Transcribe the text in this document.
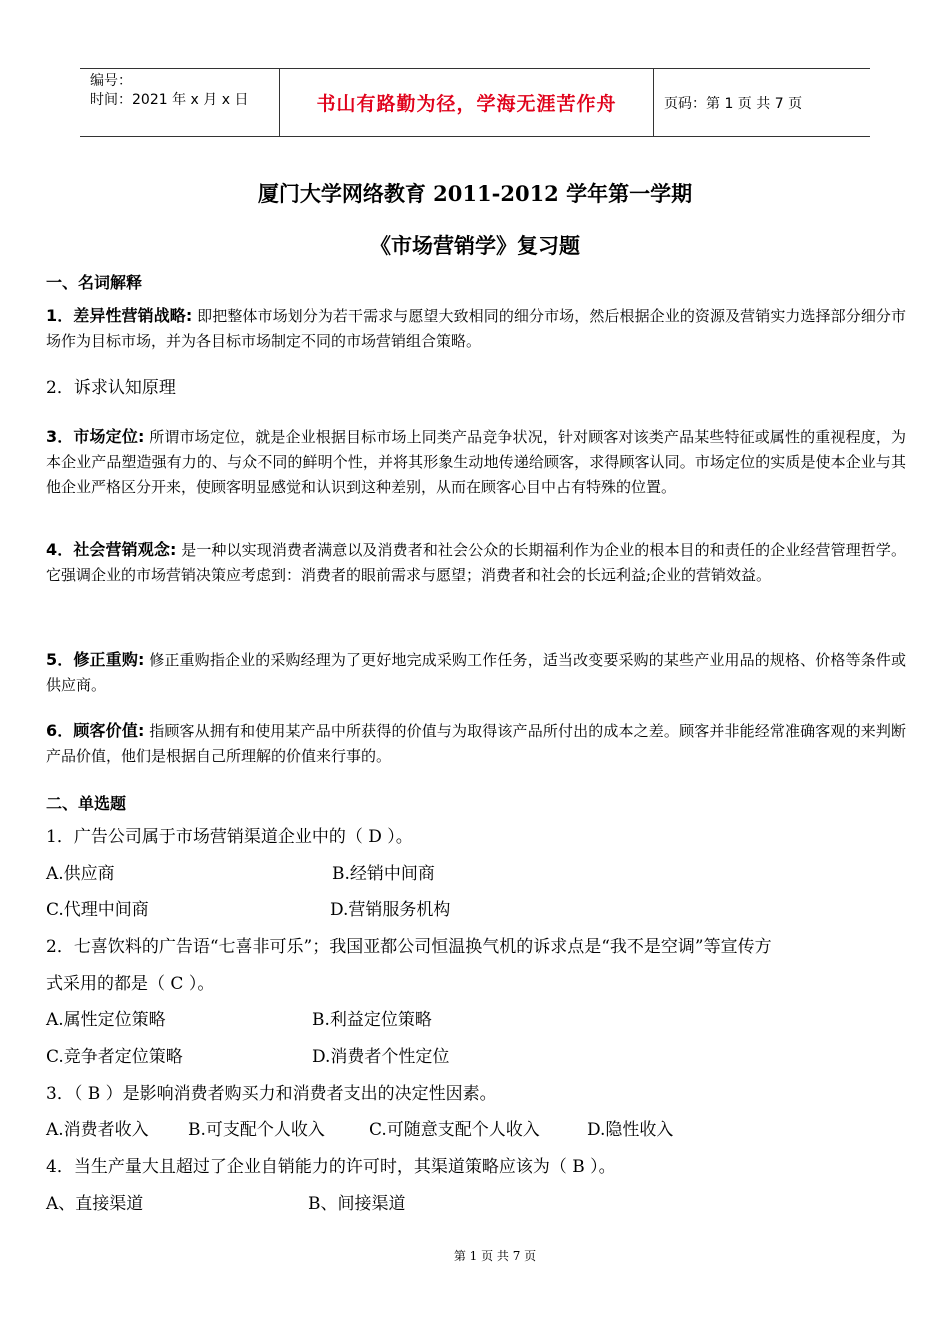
编号：
时间：2021 年 x 月 x 日	书山有路勤为径，学海无涯苦作舟	页码：第 1 页 共 7 页
厦门大学网络教育 2011-2012 学年第一学期
《市场营销学》复习题
一、名词解释
1．差异性营销战略: 即把整体市场划分为若干需求与愿望大致相同的细分市场，然后根据企业的资源及营销实力选择部分细分市场作为目标市场，并为各目标市场制定不同的市场营销组合策略。
2．诉求认知原理
3．市场定位: 所谓市场定位，就是企业根据目标市场上同类产品竞争状况，针对顾客对该类产品某些特征或属性的重视程度，为本企业产品塑造强有力的、与众不同的鲜明个性，并将其形象生动地传递给顾客，求得顾客认同。市场定位的实质是使本企业与其他企业严格区分开来，使顾客明显感觉和认识到这种差别，从而在顾客心目中占有特殊的位置。
4．社会营销观念: 是一种以实现消费者满意以及消费者和社会公众的长期福利作为企业的根本目的和责任的企业经营管理哲学。它强调企业的市场营销决策应考虑到：消费者的眼前需求与愿望；消费者和社会的长远利益;企业的营销效益。
5．修正重购: 修正重购指企业的采购经理为了更好地完成采购工作任务，适当改变要采购的某些产业用品的规格、价格等条件或供应商。
6．顾客价值: 指顾客从拥有和使用某产品中所获得的价值与为取得该产品所付出的成本之差。顾客并非能经常准确客观的来判断产品价值，他们是根据自己所理解的价值来行事的。
二、单选题
1．广告公司属于市场营销渠道企业中的（ D ）。
A.供应商	B.经销中间商
C.代理中间商	D.营销服务机构
2．七喜饮料的广告语“七喜非可乐”；我国亚都公司恒温换气机的诉求点是“我不是空调”等宣传方
式采用的都是（ C ）。
A.属性定位策略	B.利益定位策略
C.竞争者定位策略	D.消费者个性定位
3．（ B ）是影响消费者购买力和消费者支出的决定性因素。
A.消费者收入 B.可支配个人收入	C.可随意支配个人收入	D.隐性收入
4．当生产量大且超过了企业自销能力的许可时，其渠道策略应该为（ B ）。
A、直接渠道	B、间接渠道
第 1 页 共 7 页
